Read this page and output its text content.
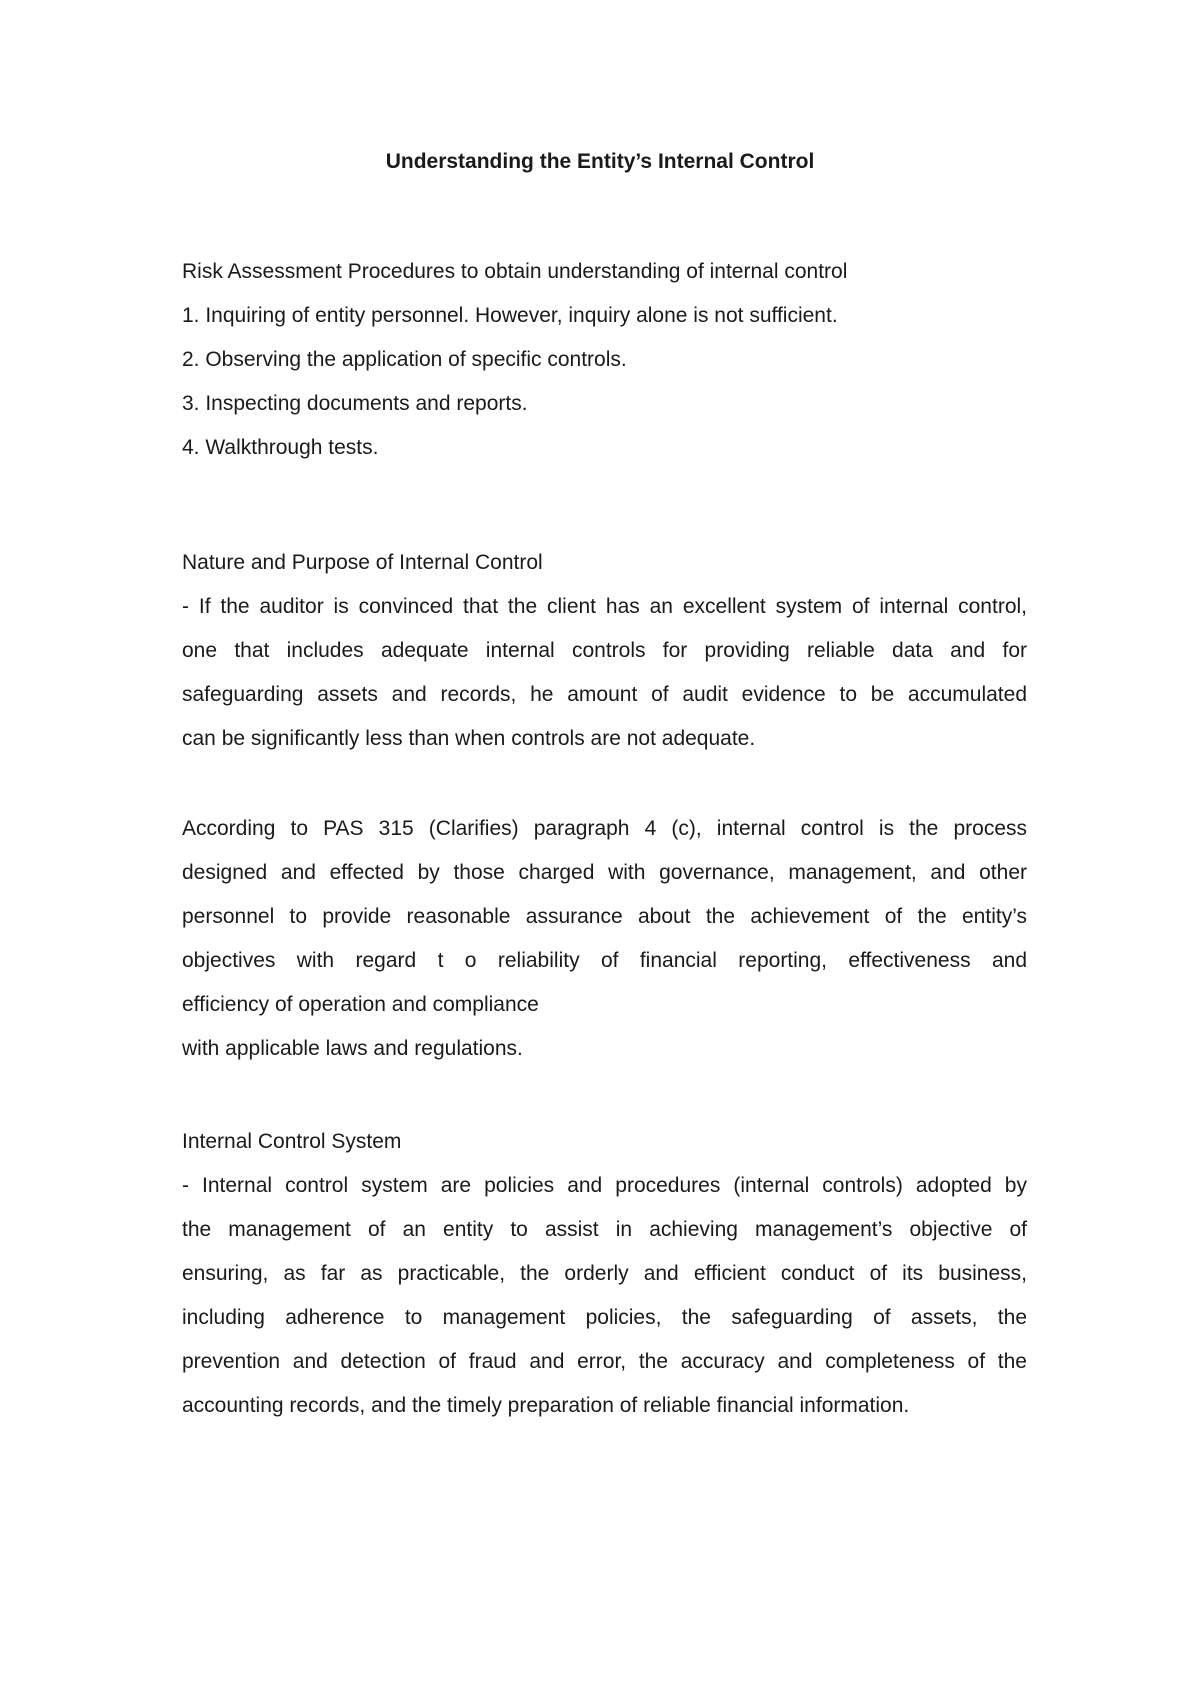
Understanding the Entity’s Internal Control
Risk Assessment Procedures to obtain understanding of internal control
1. Inquiring of entity personnel. However, inquiry alone is not sufficient.
2. Observing the application of specific controls.
3. Inspecting documents and reports.
4. Walkthrough tests.
Nature and Purpose of Internal Control
- If the auditor is convinced that the client has an excellent system of internal control,
one that includes adequate internal controls for providing reliable data and for
safeguarding assets and records, he amount of audit evidence to be accumulated
can be significantly less than when controls are not adequate.
According to PAS 315 (Clarifies) paragraph 4 (c), internal control is the process
designed and effected by those charged with governance, management, and other
personnel to provide reasonable assurance about the achievement of the entity’s
objectives with regard t o reliability of financial reporting, effectiveness and
efficiency of operation and compliance
with applicable laws and regulations.
Internal Control System
- Internal control system are policies and procedures (internal controls) adopted by
the management of an entity to assist in achieving management’s objective of
ensuring, as far as practicable, the orderly and efficient conduct of its business,
including adherence to management policies, the safeguarding of assets, the
prevention and detection of fraud and error, the accuracy and completeness of the
accounting records, and the timely preparation of reliable financial information.
